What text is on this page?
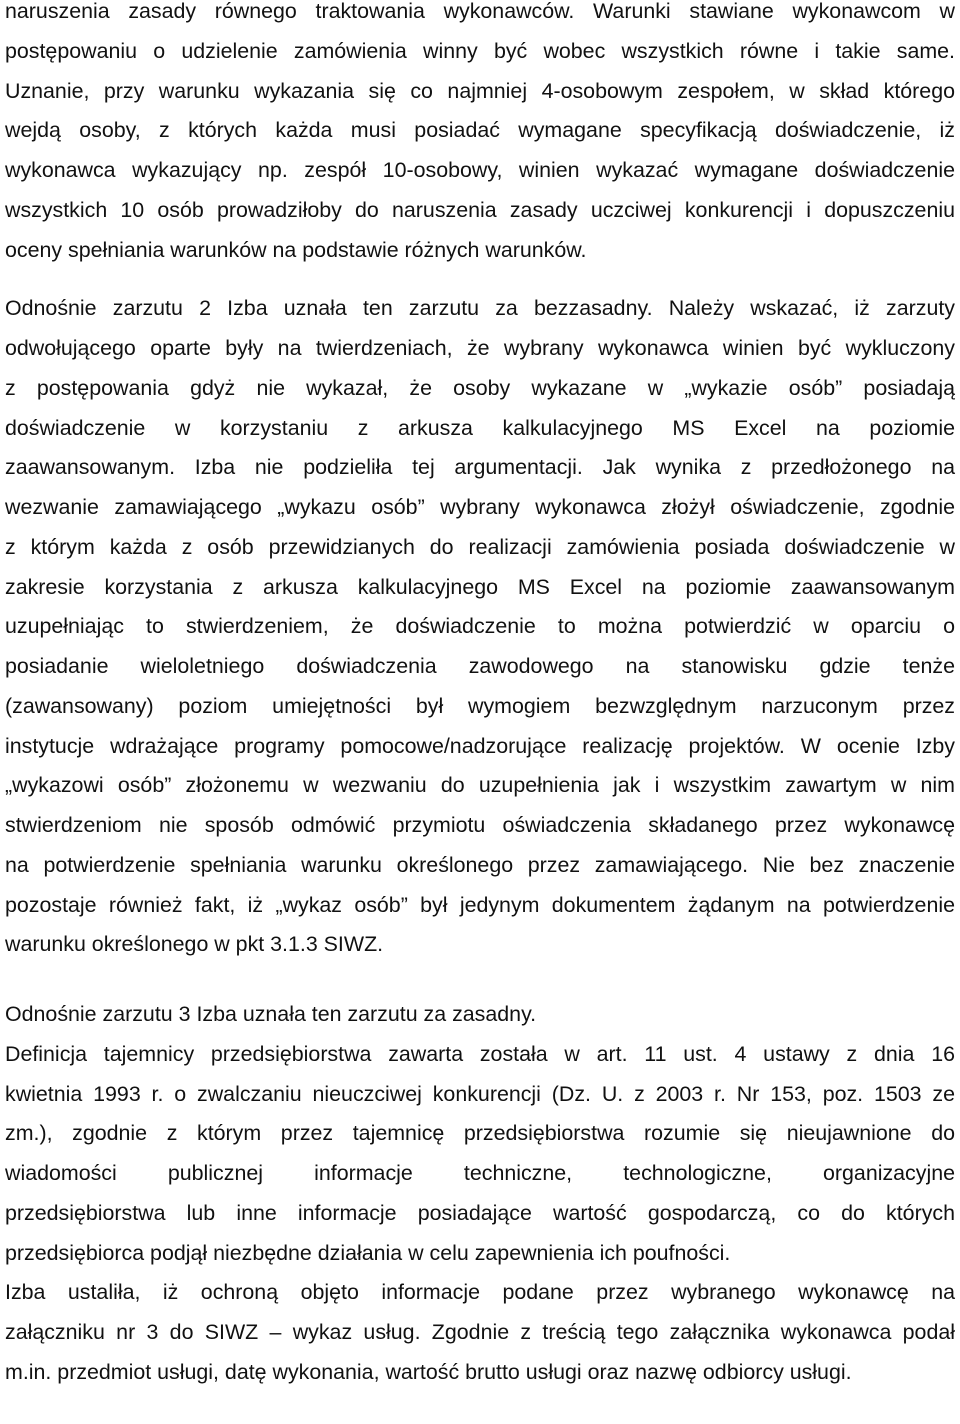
naruszenia zasady równego traktowania wykonawców. Warunki stawiane wykonawcom w
postępowaniu o udzielenie zamówienia winny być wobec wszystkich równe i takie same.
Uznanie, przy warunku wykazania się co najmniej 4-osobowym zespołem, w skład którego
wejdą osoby, z których każda musi posiadać wymagane specyfikacją doświadczenie, iż
wykonawca wykazujący np. zespół 10-osobowy, winien wykazać wymagane doświadczenie
wszystkich 10 osób prowadziłoby do naruszenia zasady uczciwej konkurencji i dopuszczeniu
oceny spełniania warunków na podstawie różnych warunków.
Odnośnie zarzutu 2 Izba uznała ten zarzutu za bezzasadny. Należy wskazać, iż zarzuty
odwołującego oparte były na twierdzeniach, że wybrany wykonawca winien być wykluczony
z postępowania gdyż nie wykazał, że osoby wykazane w „wykazie osób” posiadają
doświadczenie w korzystaniu z arkusza kalkulacyjnego MS Excel na poziomie
zaawansowanym. Izba nie podzieliła tej argumentacji. Jak wynika z przedłożonego na
wezwanie zamawiającego „wykazu osób” wybrany wykonawca złożył oświadczenie, zgodnie
z którym każda z osób przewidzianych do realizacji zamówienia posiada doświadczenie w
zakresie korzystania z arkusza kalkulacyjnego MS Excel na poziomie zaawansowanym
uzupełniając to stwierdzeniem, że doświadczenie to można potwierdzić w oparciu o
posiadanie wieloletniego doświadczenia zawodowego na stanowisku gdzie tenże
(zawansowany) poziom umiejętności był wymogiem bezwzględnym narzuconym przez
instytucje wdrażające programy pomocowe/nadzorujące realizację projektów. W ocenie Izby
„wykazowi osób” złożonemu w wezwaniu do uzupełnienia jak i wszystkim zawartym w nim
stwierdzeniom nie sposób odmówić przymiotu oświadczenia składanego przez wykonawcę
na potwierdzenie spełniania warunku określonego przez zamawiającego. Nie bez znaczenie
pozostaje również fakt, iż „wykaz osób” był jedynym dokumentem żądanym na potwierdzenie
warunku określonego w pkt 3.1.3 SIWZ.
Odnośnie zarzutu 3 Izba uznała ten zarzutu za zasadny.
Definicja tajemnicy przedsiębiorstwa zawarta została w art. 11 ust. 4 ustawy z dnia 16
kwietnia 1993 r. o zwalczaniu nieuczciwej konkurencji (Dz. U. z 2003 r. Nr 153, poz. 1503 ze
zm.), zgodnie z którym przez tajemnicę przedsiębiorstwa rozumie się nieujawnione do
wiadomości publicznej informacje techniczne, technologiczne, organizacyjne
przedsiębiorstwa lub inne informacje posiadające wartość gospodarczą, co do których
przedsiębiorca podjął niezbędne działania w celu zapewnienia ich poufności.
Izba ustaliła, iż ochroną objęto informacje podane przez wybranego wykonawcę na
załączniku nr 3 do SIWZ – wykaz usług. Zgodnie z treścią tego załącznika wykonawca podał
m.in. przedmiot usługi, datę wykonania, wartość brutto usługi oraz nazwę odbiorcy usługi.
